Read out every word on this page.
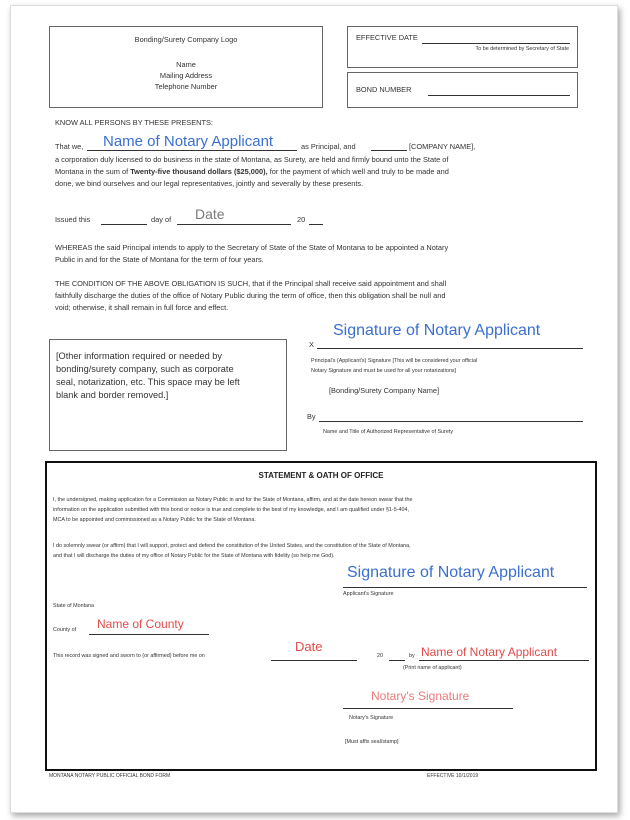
Bonding/Surety Company Logo
Name
Mailing Address
Telephone Number
EFFECTIVE DATE
To be determined by Secretary of State
BOND NUMBER
KNOW ALL PERSONS BY THESE PRESENTS:
That we, Name of Notary Applicant	as Principal, and	[COMPANY NAME],
a corporation duly licensed to do business in the state of Montana, as Surety, are held and firmly bound unto the State of
Montana in the sum of Twenty-five thousand dollars ($25,000), for the payment of which well and truly to be made and
done, we bind ourselves and our legal representatives, jointly and severally by these presents.
Issued this	day of Date	20
WHEREAS the said Principal intends to apply to the Secretary of State of the State of Montana to be appointed a Notary
Public in and for the State of Montana for the term of four years.
THE CONDITION OF THE ABOVE OBLIGATION IS SUCH, that if the Principal shall receive said appointment and shall
faithfully discharge the duties of the office of Notary Public during the term of office, then this obligation shall be null and
void; otherwise, it shall remain in full force and effect.
[Other information required or needed by
bonding/surety company, such as corporate
seal, notarization, etc. This space may be left
blank and border removed.]
X
Signature of Notary Applicant
Principal's (Applicant's) Signature [This will be considered your official
Notary Signature and must be used for all your notarizations]
[Bonding/Surety Company Name]
By
Name and Title of Authorized Representative of Surety
STATEMENT & OATH OF OFFICE
I, the undersigned, making application for a Commission as Notary Public in and for the State of Montana, affirm, and at the date hereon swear that the
information on the application submitted with this bond or notice is true and complete to the best of my knowledge, and I am qualified under §1-5-404,
MCA to be appointed and commissioned as a Notary Public for the State of Montana.
I do solemnly swear (or affirm) that I will support, protect and defend the constitution of the United States, and the constitution of the State of Montana,
and that I will discharge the duties of my office of Notary Public for the State of Montana with fidelity (so help me God).
Signature of Notary Applicant
Applicant's Signature
State of Montana
County of Name of County
This record was signed and sworn to (or affirmed) before me on
Date
20	by Name of Notary Applicant
(Print name of applicant)
Notary's Signature
Notary's Signature
[Must affix seal/stamp]
MONTANA NOTARY PUBLIC OFFICIAL BOND FORM	EFFECTIVE 10/1/2019
